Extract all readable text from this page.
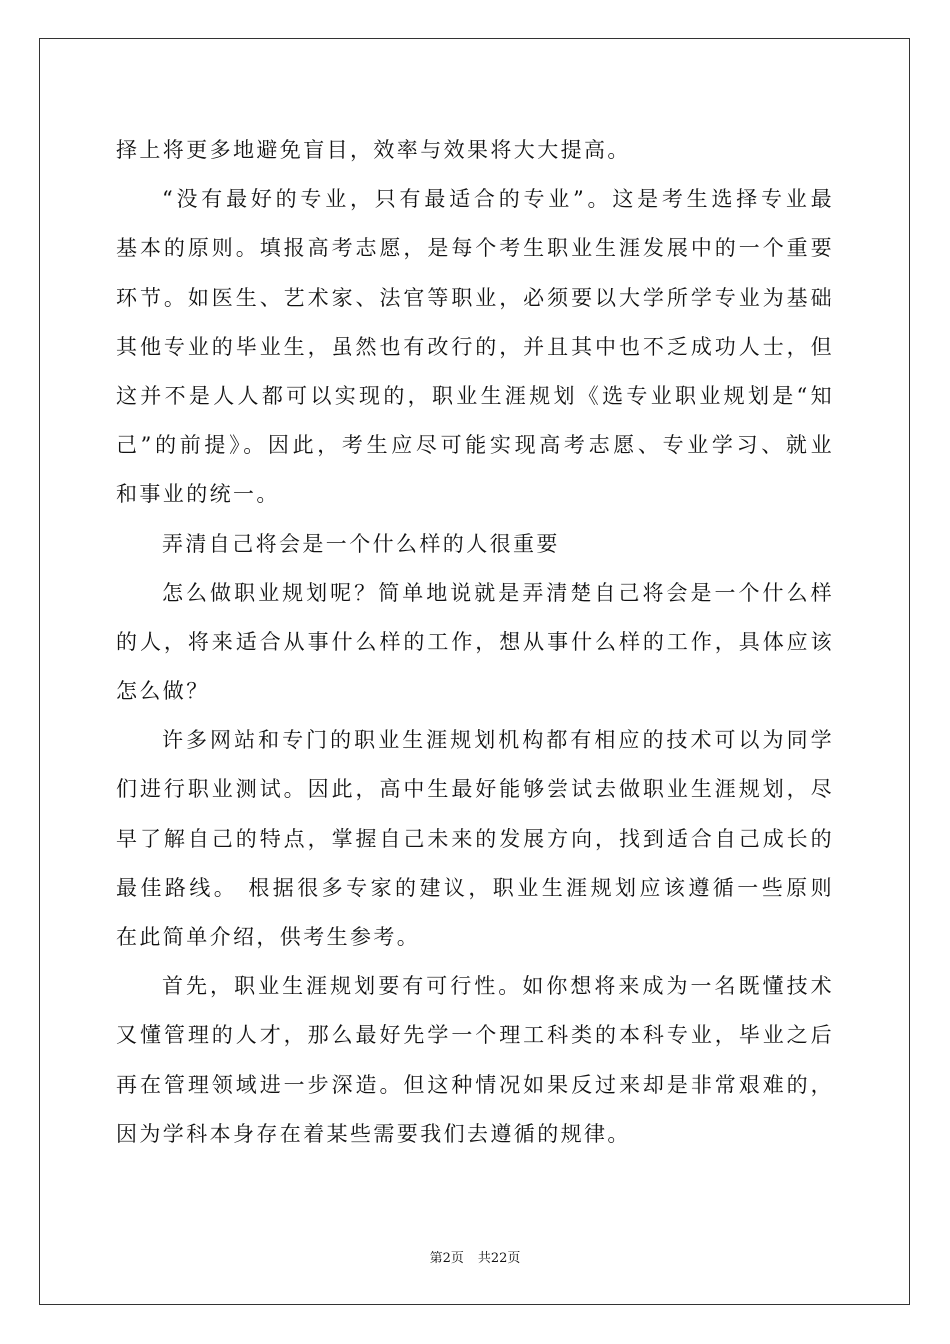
择上将更多地避免盲目，效率与效果将大大提高。
“没有最好的专业，只有最适合的专业”。这是考生选择专业最
基本的原则。填报高考志愿，是每个考生职业生涯发展中的一个重要
环节。如医生、艺术家、法官等职业，必须要以大学所学专业为基础
其他专业的毕业生，虽然也有改行的，并且其中也不乏成功人士，但
这并不是人人都可以实现的，职业生涯规划《选专业职业规划是“知
己”的前提》。因此，考生应尽可能实现高考志愿、专业学习、就业
和事业的统一。
弄清自己将会是一个什么样的人很重要
怎么做职业规划呢？简单地说就是弄清楚自己将会是一个什么样
的人，将来适合从事什么样的工作，想从事什么样的工作，具体应该
怎么做？
许多网站和专门的职业生涯规划机构都有相应的技术可以为同学
们进行职业测试。因此，高中生最好能够尝试去做职业生涯规划，尽
早了解自己的特点，掌握自己未来的发展方向，找到适合自己成长的
最佳路线。 根据很多专家的建议，职业生涯规划应该遵循一些原则
在此简单介绍，供考生参考。
首先，职业生涯规划要有可行性。如你想将来成为一名既懂技术
又懂管理的人才，那么最好先学一个理工科类的本科专业，毕业之后
再在管理领域进一步深造。但这种情况如果反过来却是非常艰难的，
因为学科本身存在着某些需要我们去遵循的规律。
第2页 共22页
